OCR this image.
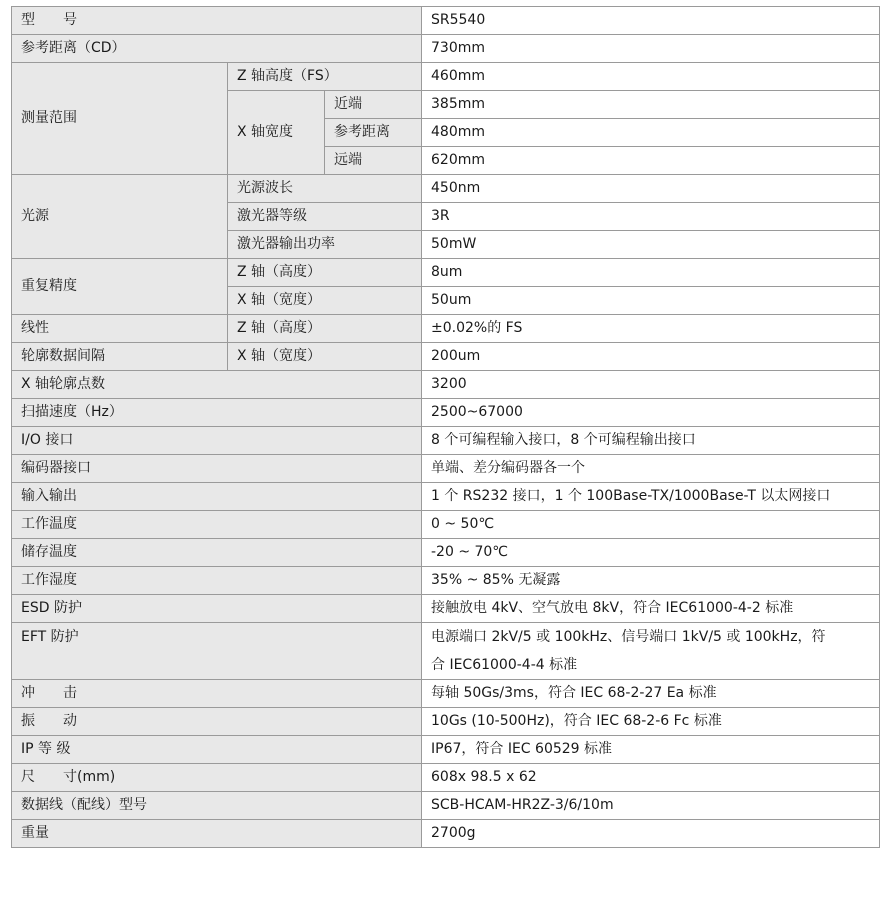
型　　号			SR5540
参考距离（CD）			730mm
测量范围	Z 轴高度（FS）		460mm
	X 轴宽度	近端	385mm
		参考距离	480mm
		远端	620mm
光源	光源波长		450nm
	激光器等级		3R
	激光器输出功率		50mW
重复精度	Z 轴（高度）		8um
	X 轴（宽度）		50um
线性	Z 轴（高度）		±0.02%的 FS
轮廓数据间隔	X 轴（宽度）		200um
X 轴轮廓点数			3200
扫描速度（Hz）			2500~67000
I/O 接口			8 个可编程输入接口，8 个可编程输出接口
编码器接口			单端、差分编码器各一个
输入输出			1 个 RS232 接口，1 个 100Base-TX/1000Base-T 以太网接口
工作温度			0 ~ 50℃
储存温度			-20 ~ 70℃
工作湿度			35% ~ 85% 无凝露
ESD 防护			接触放电 4kV、空气放电 8kV，符合 IEC61000-4-2 标准
EFT 防护			电源端口 2kV/5 或 100kHz、信号端口 1kV/5 或 100kHz，符
合 IEC61000-4-4 标准
冲　　击			每轴 50Gs/3ms，符合 IEC 68-2-27 Ea 标准
振　　动			10Gs (10-500Hz)，符合 IEC 68-2-6 Fc 标准
IP 等 级			IP67，符合 IEC 60529 标准
尺　　寸(mm)			608x 98.5 x 62
数据线（配线）型号			SCB-HCAM-HR2Z-3/6/10m
重量			2700g
